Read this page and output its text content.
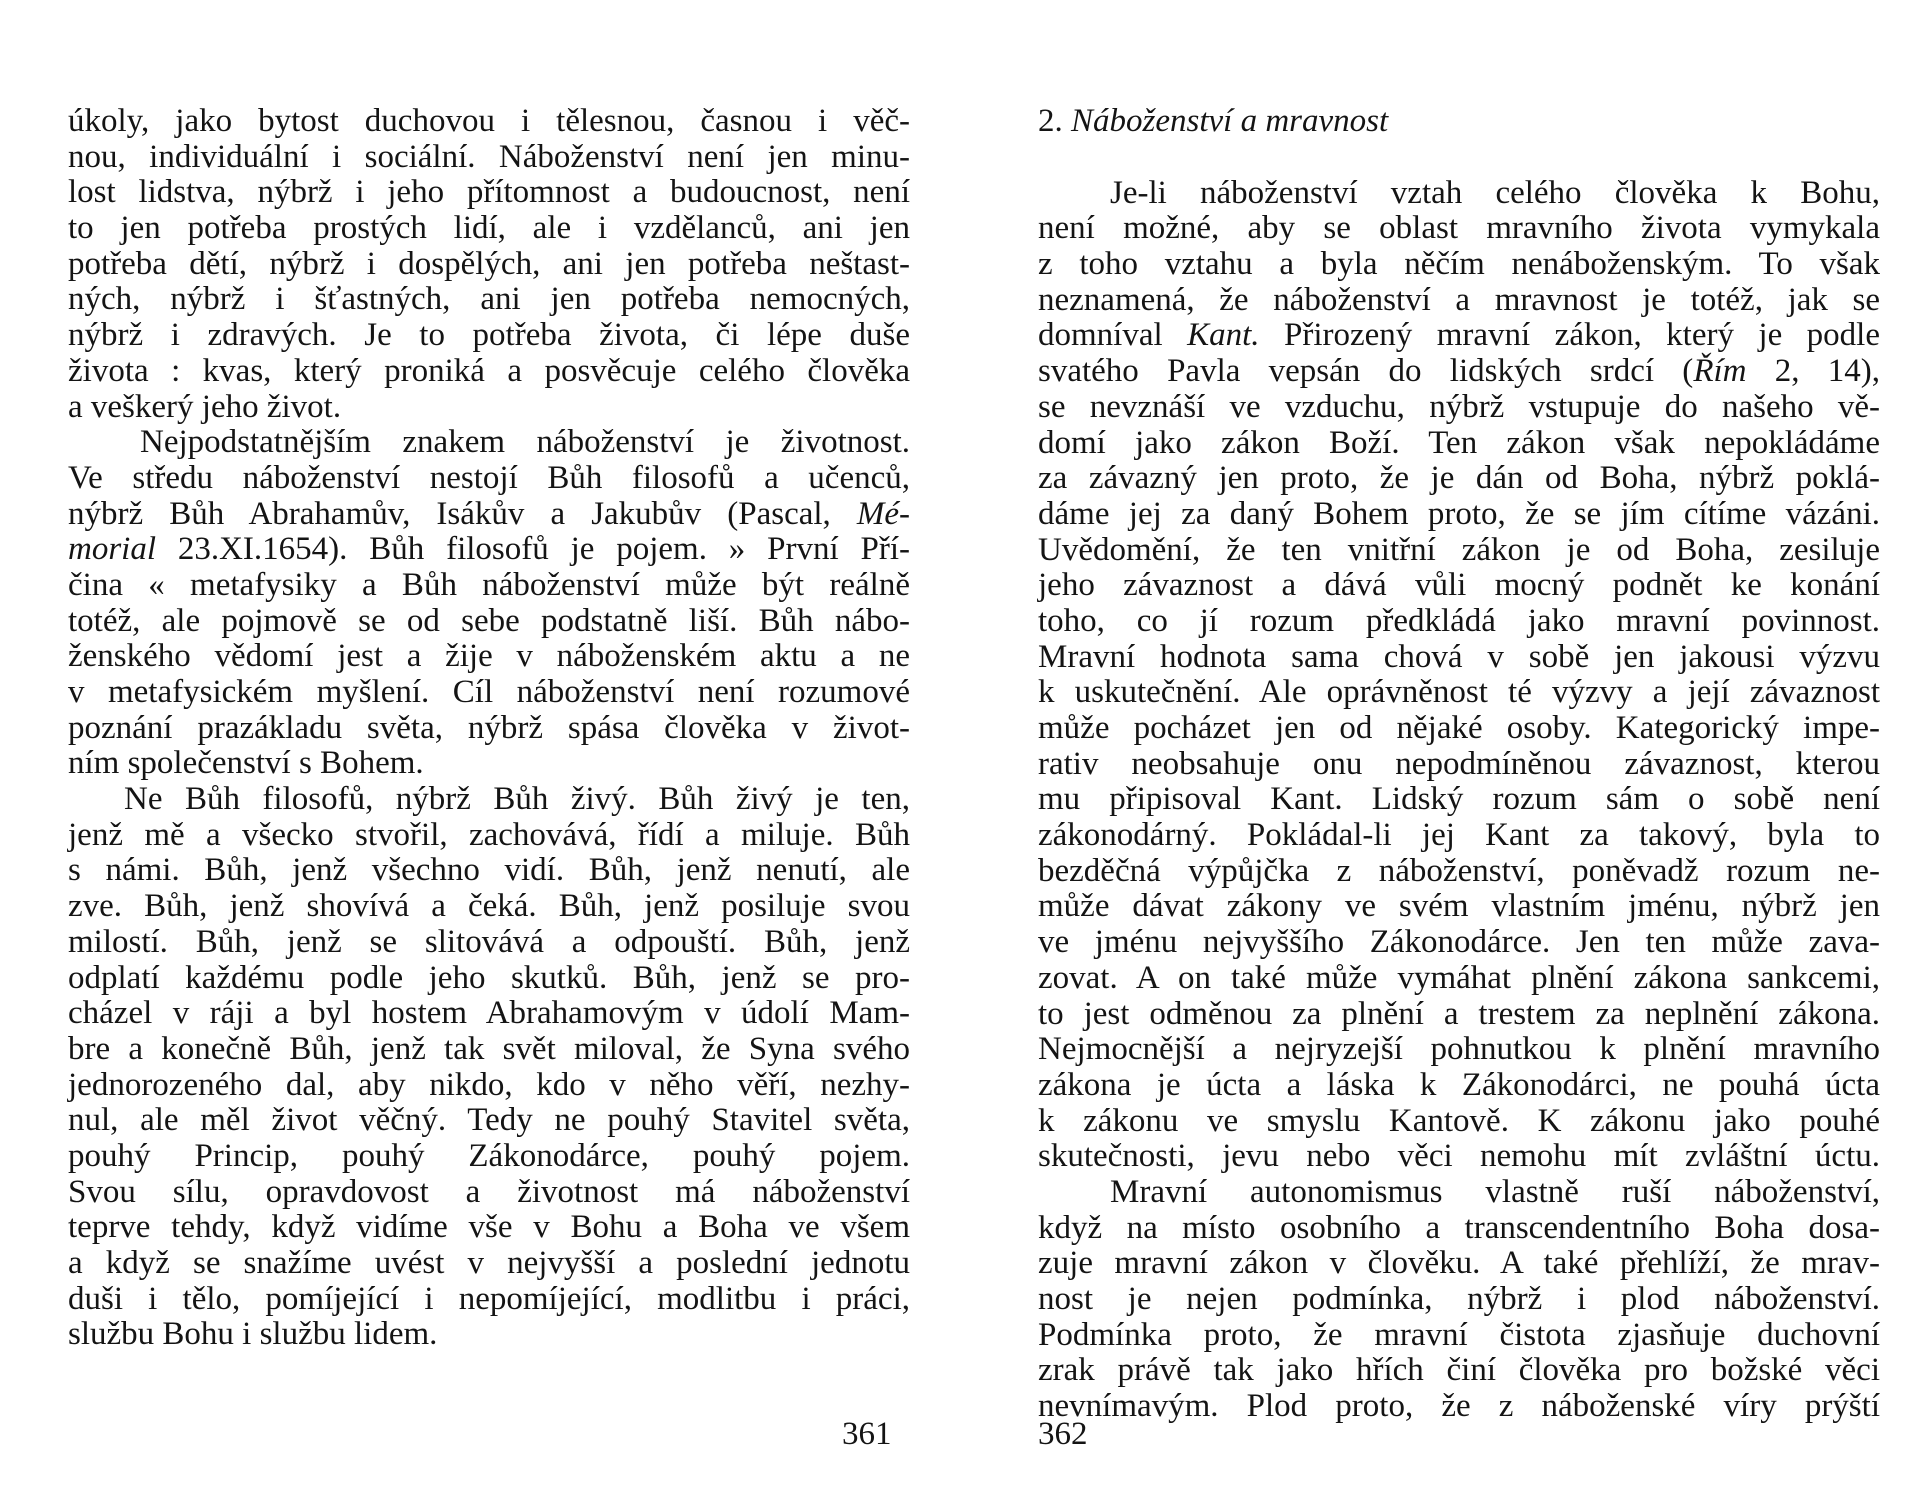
úkoly, jako bytost duchovou i tělesnou, časnou i věč-
nou, individuální i sociální. Náboženství není jen minu-
lost lidstva, nýbrž i jeho přítomnost a budoucnost, není
to jen potřeba prostých lidí, ale i vzdělanců, ani jen
potřeba dětí, nýbrž i dospělých, ani jen potřeba neštast-
ných, nýbrž i šťastných, ani jen potřeba nemocných,
nýbrž i zdravých. Je to potřeba života, či lépe duše
života : kvas, který proniká a posvěcuje celého člověka
a veškerý jeho život.
Nejpodstatnějším znakem náboženství je životnost.
Ve středu náboženství nestojí Bůh filosofů a učenců,
nýbrž Bůh Abrahamův, Isákův a Jakubův (Pascal, Mé-
morial 23.XI.1654). Bůh filosofů je pojem. » První Pří-
čina « metafysiky a Bůh náboženství může být reálně
totéž, ale pojmově se od sebe podstatně liší. Bůh nábo-
ženského vědomí jest a žije v náboženském aktu a ne
v metafysickém myšlení. Cíl náboženství není rozumové
poznání prazákladu světa, nýbrž spása člověka v život-
ním společenství s Bohem.
Ne Bůh filosofů, nýbrž Bůh živý. Bůh živý je ten,
jenž mě a všecko stvořil, zachovává, řídí a miluje. Bůh
s námi. Bůh, jenž všechno vidí. Bůh, jenž nenutí, ale
zve. Bůh, jenž shovívá a čeká. Bůh, jenž posiluje svou
milostí. Bůh, jenž se slitovává a odpouští. Bůh, jenž
odplatí každému podle jeho skutků. Bůh, jenž se pro-
cházel v ráji a byl hostem Abrahamovým v údolí Mam-
bre a konečně Bůh, jenž tak svět miloval, že Syna svého
jednorozeného dal, aby nikdo, kdo v něho věří, nezhy-
nul, ale měl život věčný. Tedy ne pouhý Stavitel světa,
pouhý Princip, pouhý Zákonodárce, pouhý pojem.
Svou sílu, opravdovost a životnost má náboženství
teprve tehdy, když vidíme vše v Bohu a Boha ve všem
a když se snažíme uvést v nejvyšší a poslední jednotu
duši i tělo, pomíjející i nepomíjející, modlitbu i práci,
službu Bohu i službu lidem.
361
2. Náboženství a mravnost
Je-li náboženství vztah celého člověka k Bohu,
není možné, aby se oblast mravního života vymykala
z toho vztahu a byla něčím nenáboženským. To však
neznamená, že náboženství a mravnost je totéž, jak se
domníval Kant. Přirozený mravní zákon, který je podle
svatého Pavla vepsán do lidských srdcí (Řím 2, 14),
se nevznáší ve vzduchu, nýbrž vstupuje do našeho vě-
domí jako zákon Boží. Ten zákon však nepokládáme
za závazný jen proto, že je dán od Boha, nýbrž poklá-
dáme jej za daný Bohem proto, že se jím cítíme vázáni.
Uvědomění, že ten vnitřní zákon je od Boha, zesiluje
jeho závaznost a dává vůli mocný podnět ke konání
toho, co jí rozum předkládá jako mravní povinnost.
Mravní hodnota sama chová v sobě jen jakousi výzvu
k uskutečnění. Ale oprávněnost té výzvy a její závaznost
může pocházet jen od nějaké osoby. Kategorický impe-
rativ neobsahuje onu nepodmíněnou závaznost, kterou
mu připisoval Kant. Lidský rozum sám o sobě není
zákonodárný. Pokládal-li jej Kant za takový, byla to
bezděčná výpůjčka z náboženství, poněvadž rozum ne-
může dávat zákony ve svém vlastním jménu, nýbrž jen
ve jménu nejvyššího Zákonodárce. Jen ten může zava-
zovat. A on také může vymáhat plnění zákona sankcemi,
to jest odměnou za plnění a trestem za neplnění zákona.
Nejmocnější a nejryzejší pohnutkou k plnění mravního
zákona je úcta a láska k Zákonodárci, ne pouhá úcta
k zákonu ve smyslu Kantově. K zákonu jako pouhé
skutečnosti, jevu nebo věci nemohu mít zvláštní úctu.
Mravní autonomismus vlastně ruší náboženství,
když na místo osobního a transcendentního Boha dosa-
zuje mravní zákon v člověku. A také přehlíží, že mrav-
nost je nejen podmínka, nýbrž i plod náboženství.
Podmínka proto, že mravní čistota zjasňuje duchovní
zrak právě tak jako hřích činí člověka pro božské věci
nevnímavým. Plod proto, že z náboženské víry prýští
362
